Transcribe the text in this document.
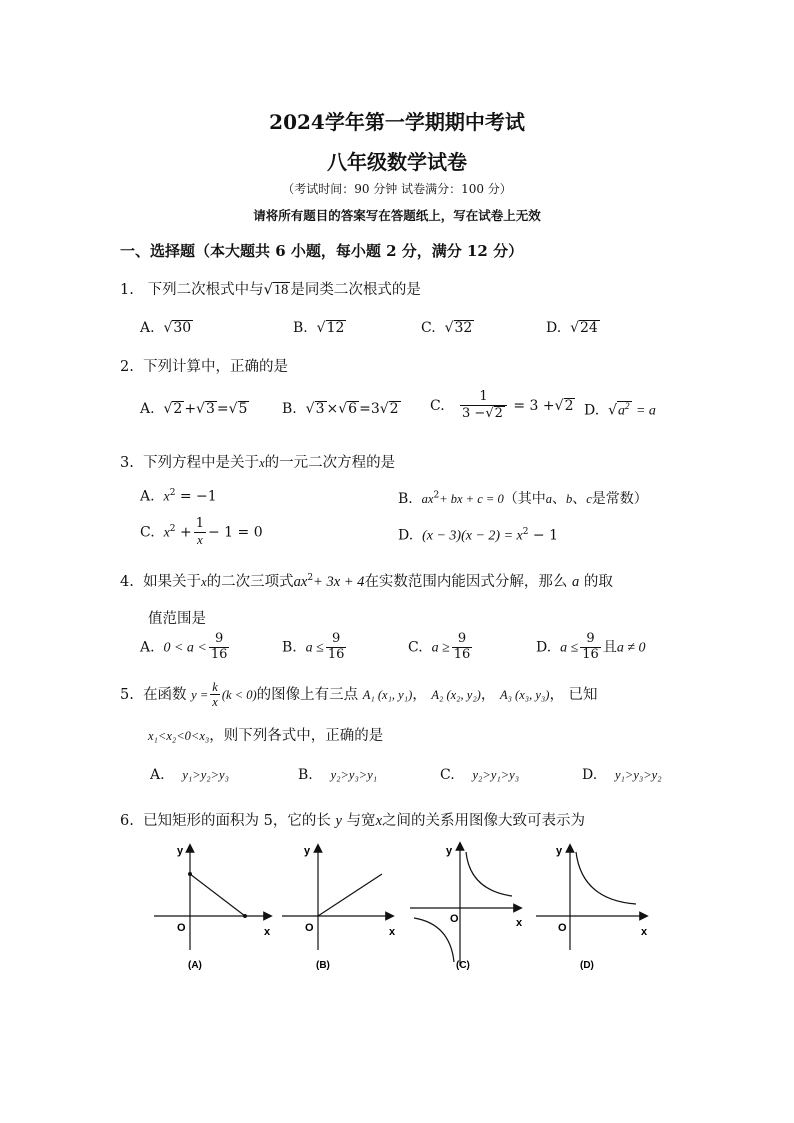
2024学年第一学期期中考试
八年级数学试卷
（考试时间：90 分钟 试卷满分：100 分）
请将所有题目的答案写在答题纸上，写在试卷上无效
一、选择题（本大题共 6 小题，每小题 2 分，满分 12 分）
1. 下列二次根式中与√18 是同类二次根式的是
A. √30	B. √12	C. √32	D. √24
2. 下列计算中，正确的是
A. √2 +√3 =√5 B. √3 ×√6 =3√2 C. $\frac{1}{3 -√2} = 3 +√2$ D. $√a^2 = a$
3. 下列方程中是关于x的一元二次方程的是
A. $x^2 = -1$	B. $ax^2+$ bx + c = 0（其中a、b、c是常数）
C. $x^2 + \frac{1}{x} - 1 = 0$	D. $(x - 3)(x - 2) = x^2 - 1$
4. 如果关于x的二次三项式$ax^2+ 3x + 4$在实数范围内能因式分解，那么 a 的取
值范围是
A. $0 < a < \frac{9}{16}$	B. $a \le \frac{9}{16}$	C. $a \ge \frac{9}{16}$	D. $a \le \frac{9}{16}$ 且a ≠ 0
5. 在函数 $y = \frac{k}{x} (k < 0)$的图像上有三点 A₁ (x₁, y₁)， A₂ (x₂, y₂)， A₃ (x₃, y₃)， 已知
x₁<x₂<0<x₃，则下列各式中，正确的是
A. y₁>y₂>y₃	B. y₂>y₃>y₁	C. y₂>y₁>y₃	D. y₁>y₃>y₂
6. 已知矩形的面积为 5，它的长 y 与宽x之间的关系用图像大致可表示为
y
O	x
(A)
y
O	x
(B)
y
O	x
(C)
y
O	x
(D)
